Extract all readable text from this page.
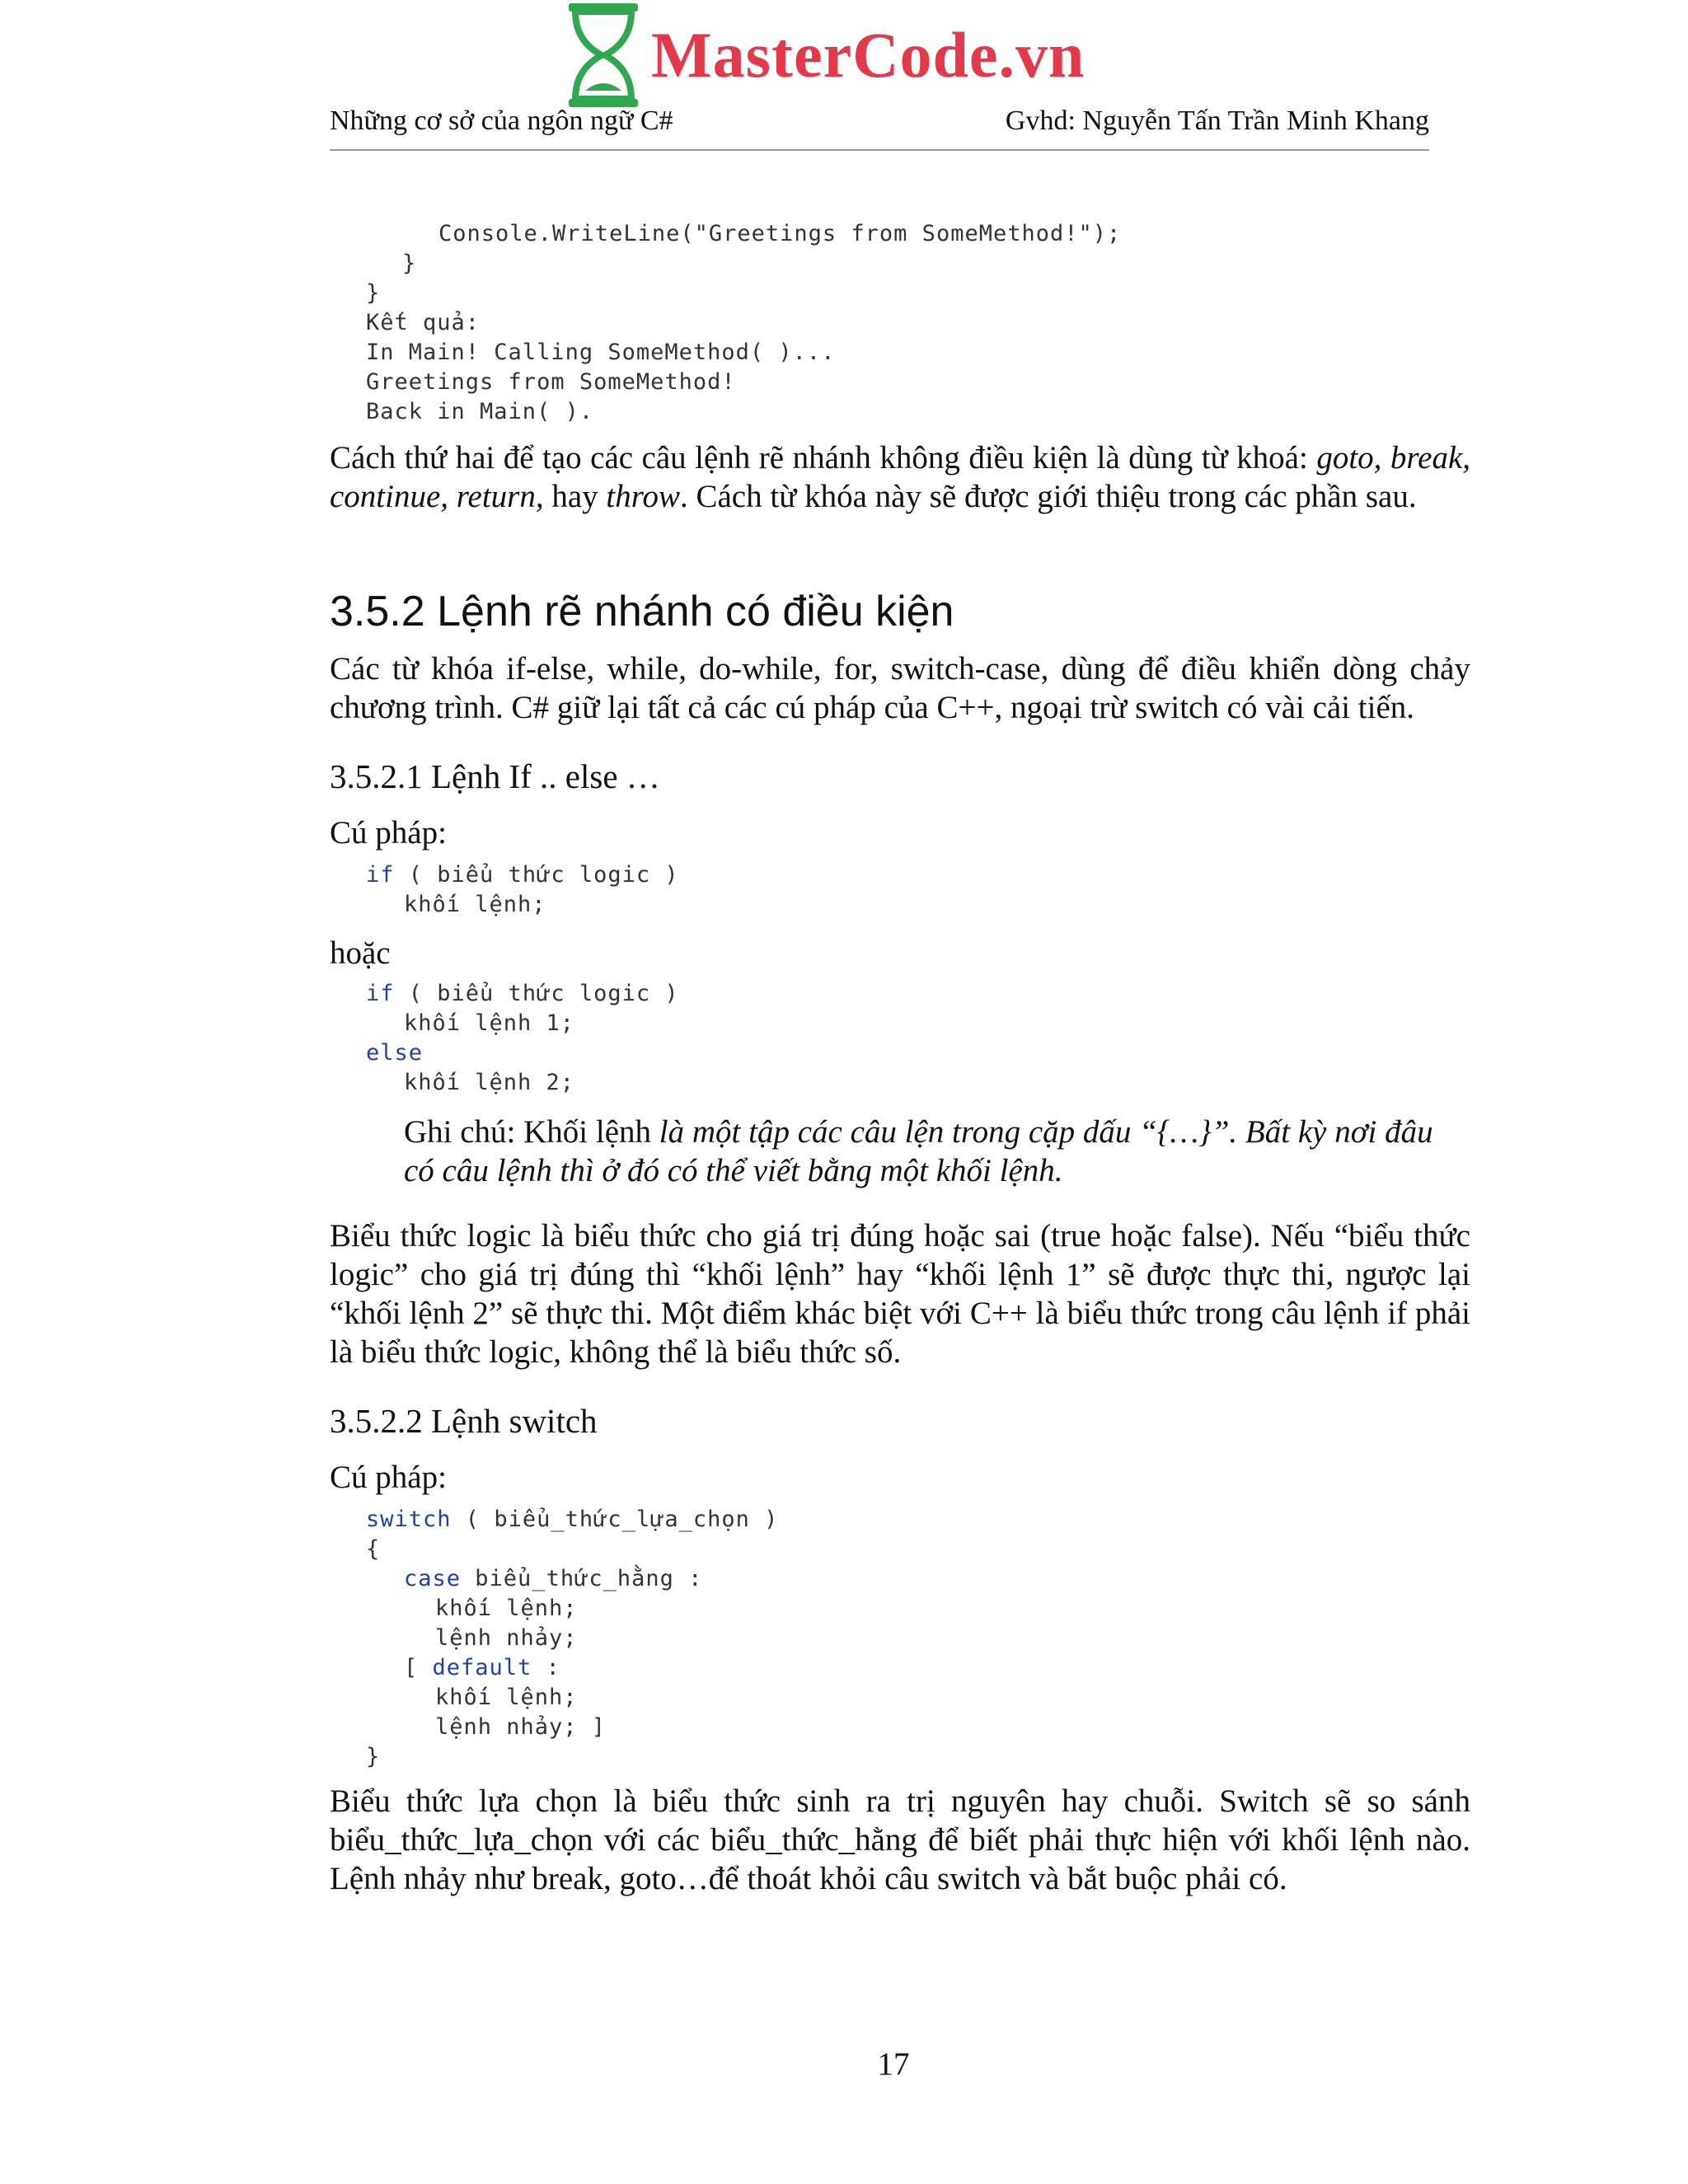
MasterCode.vn
Những cơ sở của ngôn ngữ C#	Gvhd: Nguyễn Tấn Trần Minh Khang
Console.WriteLine("Greetings from SomeMethod!");
}
}
Kết quả:
In Main! Calling SomeMethod( )...
Greetings from SomeMethod!
Back in Main( ).

Cách thứ hai để tạo các câu lệnh rẽ nhánh không điều kiện là dùng từ khoá: goto, break, continue, return, hay throw. Cách từ khóa này sẽ được giới thiệu trong các phần sau.

3.5.2 Lệnh rẽ nhánh có điều kiện

Các từ khóa if-else, while, do-while, for, switch-case, dùng để điều khiển dòng chảy chương trình. C# giữ lại tất cả các cú pháp của C++, ngoại trừ switch có vài cải tiến.

3.5.2.1 Lệnh If .. else …
Cú pháp:
if ( biểu thức logic )
khối lệnh;
hoặc
if ( biểu thức logic )
khối lệnh 1;
else
khối lệnh 2;

Ghi chú: Khối lệnh là một tập các câu lện trong cặp dấu “{…}”. Bất kỳ nơi đâu có câu lệnh thì ở đó có thể viết bằng một khối lệnh.

Biểu thức logic là biểu thức cho giá trị đúng hoặc sai (true hoặc false). Nếu “biểu thức logic” cho giá trị đúng thì “khối lệnh” hay “khối lệnh 1” sẽ được thực thi, ngược lại “khối lệnh 2” sẽ thực thi. Một điểm khác biệt với C++ là biểu thức trong câu lệnh if phải là biểu thức logic, không thể là biểu thức số.

3.5.2.2 Lệnh switch
Cú pháp:
switch ( biểu_thức_lựa_chọn )
{
case biểu_thức_hằng :
khối lệnh;
lệnh nhảy;
[ default :
khối lệnh;
lệnh nhảy; ]
}

Biểu thức lựa chọn là biểu thức sinh ra trị nguyên hay chuỗi. Switch sẽ so sánh biểu_thức_lựa_chọn với các biểu_thức_hằng để biết phải thực hiện với khối lệnh nào. Lệnh nhảy như break, goto…để thoát khỏi câu switch và bắt buộc phải có.

17
